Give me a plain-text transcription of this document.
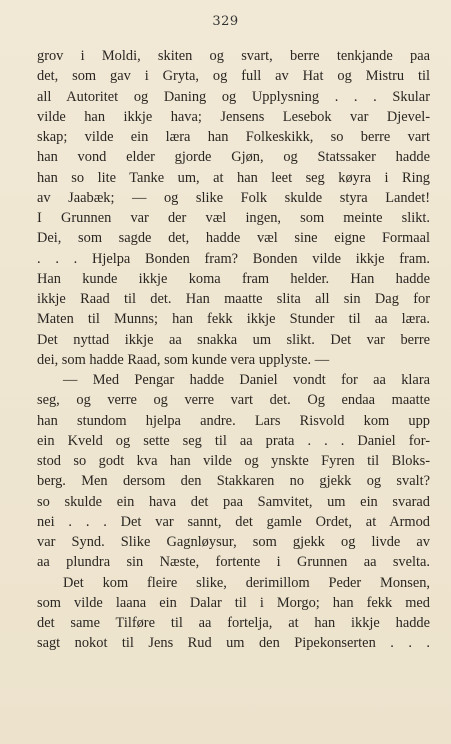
329
grov i Moldi, skiten og svart, berre tenkjande paa
det, som gav i Gryta, og full av Hat og Mistru til
all Autoritet og Daning og Upplysning . . . Skular
vilde han ikkje hava; Jensens Lesebok var Djevel-
skap; vilde ein læra han Folkeskikk, so berre vart
han vond elder gjorde Gjøn, og Statssaker hadde
han so lite Tanke um, at han leet seg køyra i Ring
av Jaabæk; — og slike Folk skulde styra Landet!
I Grunnen var der væl ingen, som meinte slikt.
Dei, som sagde det, hadde væl sine eigne Formaal
. . . Hjelpa Bonden fram? Bonden vilde ikkje fram.
Han kunde ikkje koma fram helder. Han hadde
ikkje Raad til det. Han maatte slita all sin Dag for
Maten til Munns; han fekk ikkje Stunder til aa læra.
Det nyttad ikkje aa snakka um slikt. Det var berre
dei, som hadde Raad, som kunde vera upplyste. —
— Med Pengar hadde Daniel vondt for aa klara
seg, og verre og verre vart det. Og endaa maatte
han stundom hjelpa andre. Lars Risvold kom upp
ein Kveld og sette seg til aa prata . . . Daniel for-
stod so godt kva han vilde og ynskte Fyren til Bloks-
berg. Men dersom den Stakkaren no gjekk og svalt?
so skulde ein hava det paa Samvitet, um ein svarad
nei . . . Det var sannt, det gamle Ordet, at Armod
var Synd. Slike Gagnløysur, som gjekk og livde av
aa plundra sin Næste, fortente i Grunnen aa svelta.
Det kom fleire slike, derimillom Peder Monsen,
som vilde laana ein Dalar til i Morgo; han fekk med
det same Tilføre til aa fortelja, at han ikkje hadde
sagt nokot til Jens Rud um den Pipekonserten . . .
